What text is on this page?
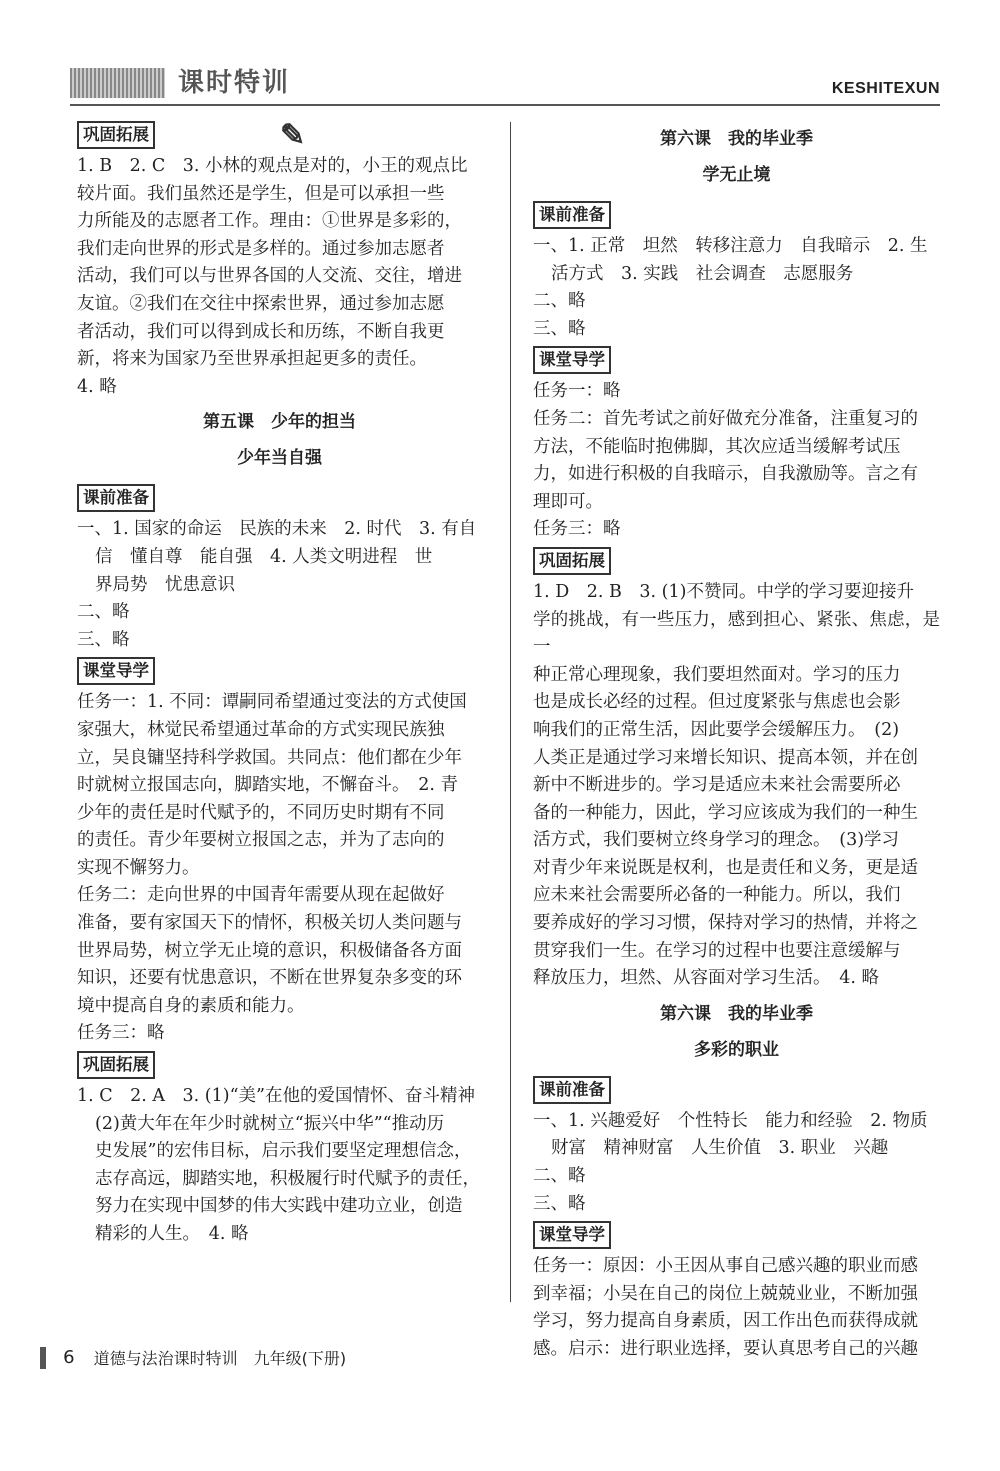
✎
课时特训	KESHITEXUN
巩固拓展

1. B　2. C　3. 小林的观点是对的，小王的观点比

较片面。我们虽然还是学生，但是可以承担一些

力所能及的志愿者工作。理由：①世界是多彩的，

我们走向世界的形式是多样的。通过参加志愿者

活动，我们可以与世界各国的人交流、交往，增进

友谊。②我们在交往中探索世界，通过参加志愿

者活动，我们可以得到成长和历练，不断自我更

新，将来为国家乃至世界承担起更多的责任。

4. 略

第五课　少年的担当
少年当自强
课前准备

一、1. 国家的命运　民族的未来　2. 时代　3. 有自

信　懂自尊　能自强　4. 人类文明进程　世

界局势　忧患意识

二、略

三、略

课堂导学

任务一：1. 不同：谭嗣同希望通过变法的方式使国

家强大，林觉民希望通过革命的方式实现民族独

立，吴良镛坚持科学救国。共同点：他们都在少年

时就树立报国志向，脚踏实地，不懈奋斗。　2. 青

少年的责任是时代赋予的，不同历史时期有不同

的责任。青少年要树立报国之志，并为了志向的

实现不懈努力。

任务二：走向世界的中国青年需要从现在起做好

准备，要有家国天下的情怀，积极关切人类问题与

世界局势，树立学无止境的意识，积极储备各方面

知识，还要有忧患意识，不断在世界复杂多变的环

境中提高自身的素质和能力。

任务三：略

巩固拓展

1. C　2. A　3. (1)“美”在他的爱国情怀、奋斗精神

(2)黄大年在年少时就树立“振兴中华”“推动历

史发展”的宏伟目标，启示我们要坚定理想信念，

志存高远，脚踏实地，积极履行时代赋予的责任，

努力在实现中国梦的伟大实践中建功立业，创造

精彩的人生。　4. 略

第六课　我的毕业季
学无止境
课前准备

一、1. 正常　坦然　转移注意力　自我暗示　2. 生

活方式　3. 实践　社会调查　志愿服务

二、略

三、略

课堂导学

任务一：略

任务二：首先考试之前好做充分准备，注重复习的

方法，不能临时抱佛脚，其次应适当缓解考试压

力，如进行积极的自我暗示，自我激励等。言之有

理即可。

任务三：略

巩固拓展

1. D　2. B　3. (1)不赞同。中学的学习要迎接升

学的挑战，有一些压力，感到担心、紧张、焦虑，是一

种正常心理现象，我们要坦然面对。学习的压力

也是成长必经的过程。但过度紧张与焦虑也会影

响我们的正常生活，因此要学会缓解压力。　(2)

人类正是通过学习来增长知识、提高本领，并在创

新中不断进步的。学习是适应未来社会需要所必

备的一种能力，因此，学习应该成为我们的一种生

活方式，我们要树立终身学习的理念。　(3)学习

对青少年来说既是权利，也是责任和义务，更是适

应未来社会需要所必备的一种能力。所以，我们

要养成好的学习习惯，保持对学习的热情，并将之

贯穿我们一生。在学习的过程中也要注意缓解与

释放压力，坦然、从容面对学习生活。　4. 略

第六课　我的毕业季
多彩的职业
课前准备

一、1. 兴趣爱好　个性特长　能力和经验　2. 物质

财富　精神财富　人生价值　3. 职业　兴趣

二、略

三、略

课堂导学

任务一：原因：小王因从事自己感兴趣的职业而感

到幸福；小吴在自己的岗位上兢兢业业，不断加强

学习，努力提高自身素质，因工作出色而获得成就

感。启示：进行职业选择，要认真思考自己的兴趣

6 道德与法治课时特训　九年级(下册)
